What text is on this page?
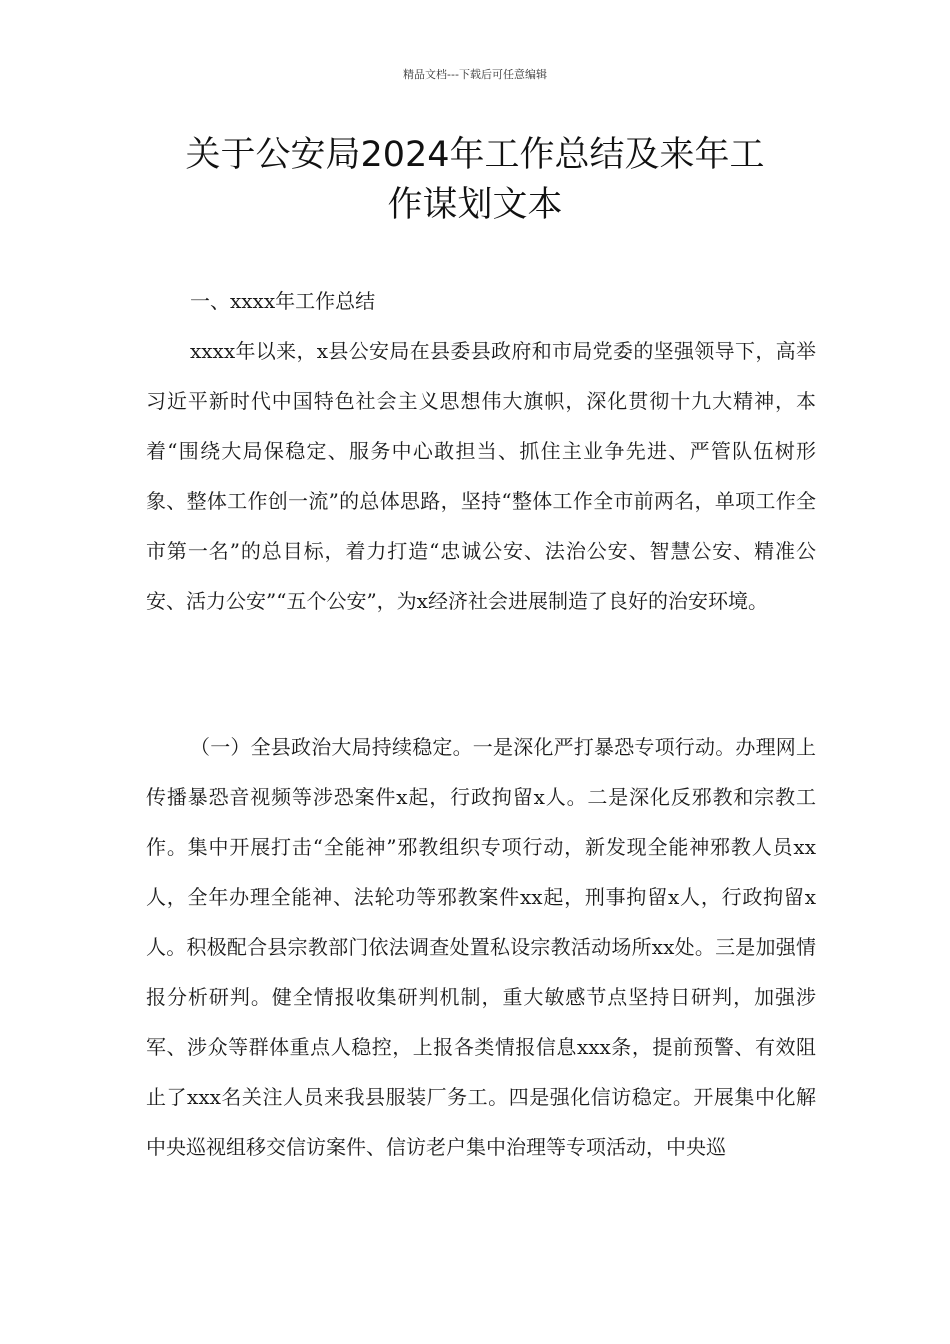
精品文档---下载后可任意编辑
关于公安局2024年工作总结及来年工
作谋划文本

一、xxxx年工作总结

xxxx年以来，x县公安局在县委县政府和市局党委的坚强领导下，高举习近平新时代中国特色社会主义思想伟大旗帜，深化贯彻十九大精神，本着“围绕大局保稳定、服务中心敢担当、抓住主业争先进、严管队伍树形象、整体工作创一流”的总体思路，坚持“整体工作全市前两名，单项工作全市第一名”的总目标，着力打造“忠诚公安、法治公安、智慧公安、精准公安、活力公安”“五个公安”，为x经济社会进展制造了良好的治安环境。

（一）全县政治大局持续稳定。一是深化严打暴恐专项行动。办理网上传播暴恐音视频等涉恐案件x起，行政拘留x人。二是深化反邪教和宗教工作。集中开展打击“全能神”邪教组织专项行动，新发现全能神邪教人员xx人，全年办理全能神、法轮功等邪教案件xx起，刑事拘留x人，行政拘留x人。积极配合县宗教部门依法调查处置私设宗教活动场所xx处。三是加强情报分析研判。健全情报收集研判机制，重大敏感节点坚持日研判，加强涉军、涉众等群体重点人稳控，上报各类情报信息xxx条，提前预警、有效阻止了xxx名关注人员来我县服装厂务工。四是强化信访稳定。开展集中化解中央巡视组移交信访案件、信访老户集中治理等专项活动，中央巡
